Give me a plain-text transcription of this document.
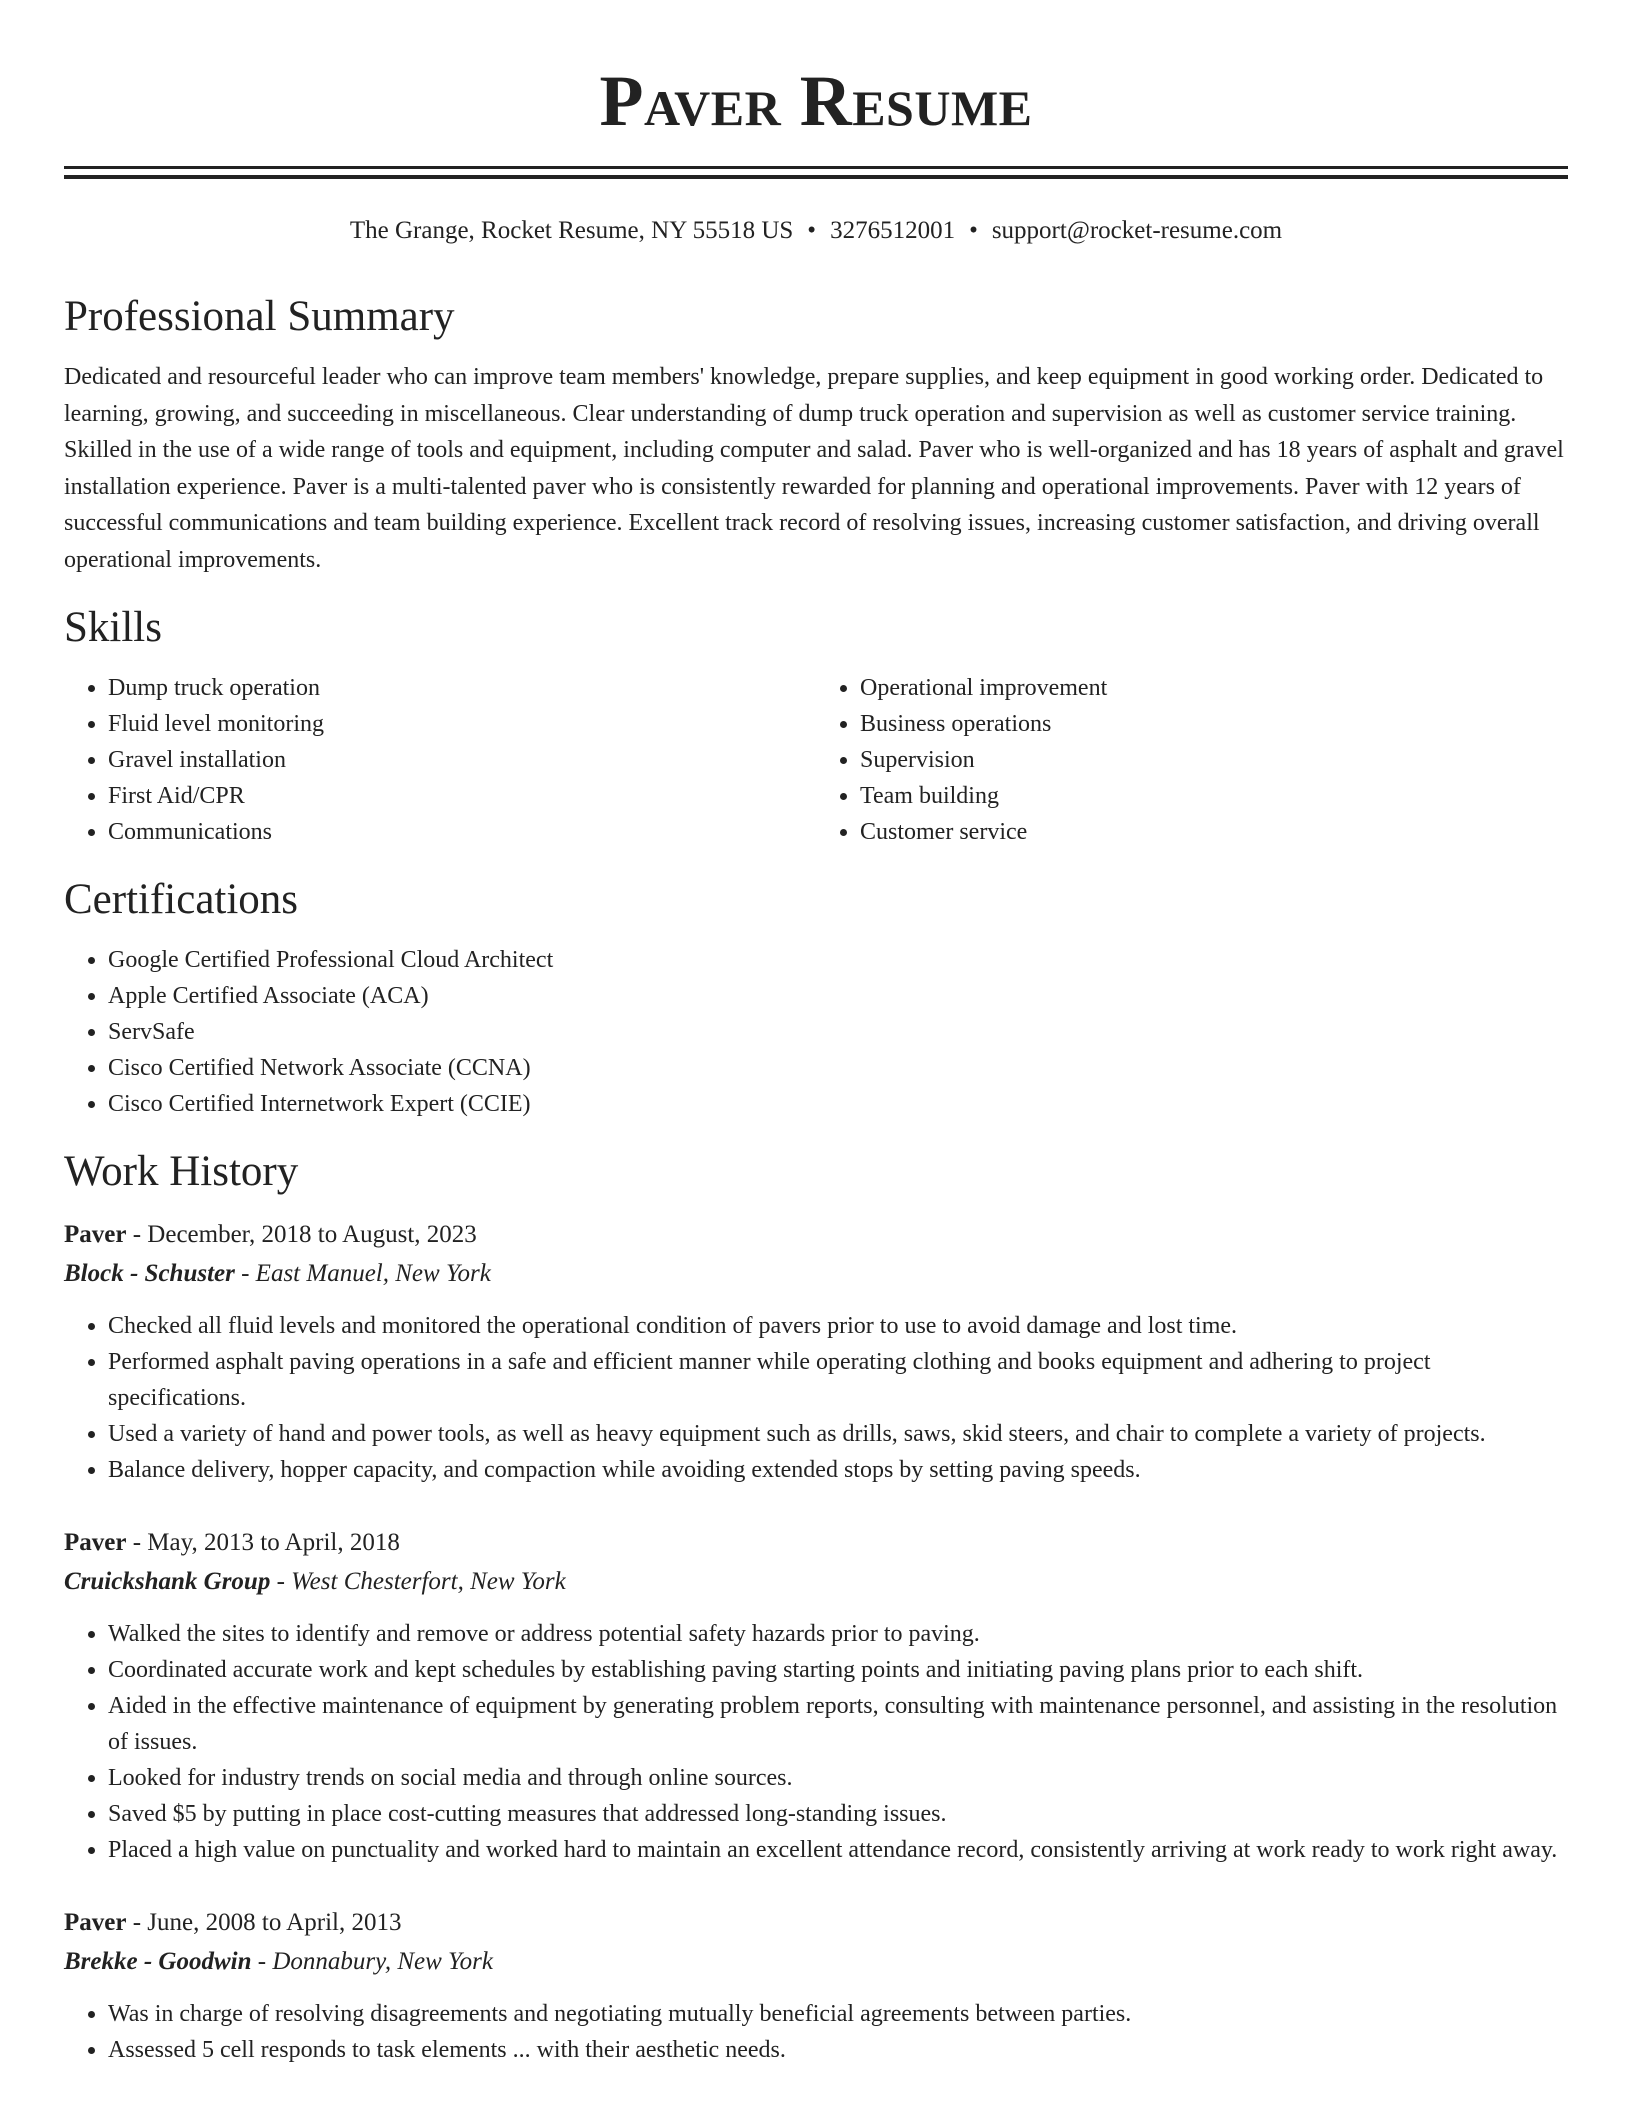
Paver Resume
The Grange, Rocket Resume, NY 55518 US • 3276512001 • support@rocket-resume.com
Professional Summary

Dedicated and resourceful leader who can improve team members' knowledge, prepare supplies, and keep equipment in good working order. Dedicated to learning, growing, and succeeding in miscellaneous. Clear understanding of dump truck operation and supervision as well as customer service training. Skilled in the use of a wide range of tools and equipment, including computer and salad. Paver who is well-organized and has 18 years of asphalt and gravel installation experience. Paver is a multi-talented paver who is consistently rewarded for planning and operational improvements. Paver with 12 years of successful communications and team building experience. Excellent track record of resolving issues, increasing customer satisfaction, and driving overall operational improvements.

Skills
• Dump truck operation
• Fluid level monitoring
• Gravel installation
• First Aid/CPR
• Communications
• Operational improvement
• Business operations
• Supervision
• Team building
• Customer service
Certifications
• Google Certified Professional Cloud Architect
• Apple Certified Associate (ACA)
• ServSafe
• Cisco Certified Network Associate (CCNA)
• Cisco Certified Internetwork Expert (CCIE)
Work History
Paver - December, 2018 to August, 2023
Block - Schuster - East Manuel, New York
• Checked all fluid levels and monitored the operational condition of pavers prior to use to avoid damage and lost time.
• Performed asphalt paving operations in a safe and efficient manner while operating clothing and books equipment and adhering to project specifications.
• Used a variety of hand and power tools, as well as heavy equipment such as drills, saws, skid steers, and chair to complete a variety of projects.
• Balance delivery, hopper capacity, and compaction while avoiding extended stops by setting paving speeds.
Paver - May, 2013 to April, 2018
Cruickshank Group - West Chesterfort, New York
• Walked the sites to identify and remove or address potential safety hazards prior to paving.
• Coordinated accurate work and kept schedules by establishing paving starting points and initiating paving plans prior to each shift.
• Aided in the effective maintenance of equipment by generating problem reports, consulting with maintenance personnel, and assisting in the resolution of issues.
• Looked for industry trends on social media and through online sources.
• Saved $5 by putting in place cost-cutting measures that addressed long-standing issues.
• Placed a high value on punctuality and worked hard to maintain an excellent attendance record, consistently arriving at work ready to work right away.
Paver - June, 2008 to April, 2013
Brekke - Goodwin - Donnabury, New York
• Was in charge of resolving disagreements and negotiating mutually beneficial agreements between parties.
• Assessed 5 cell responds to task elements ... with their aesthetic needs.
